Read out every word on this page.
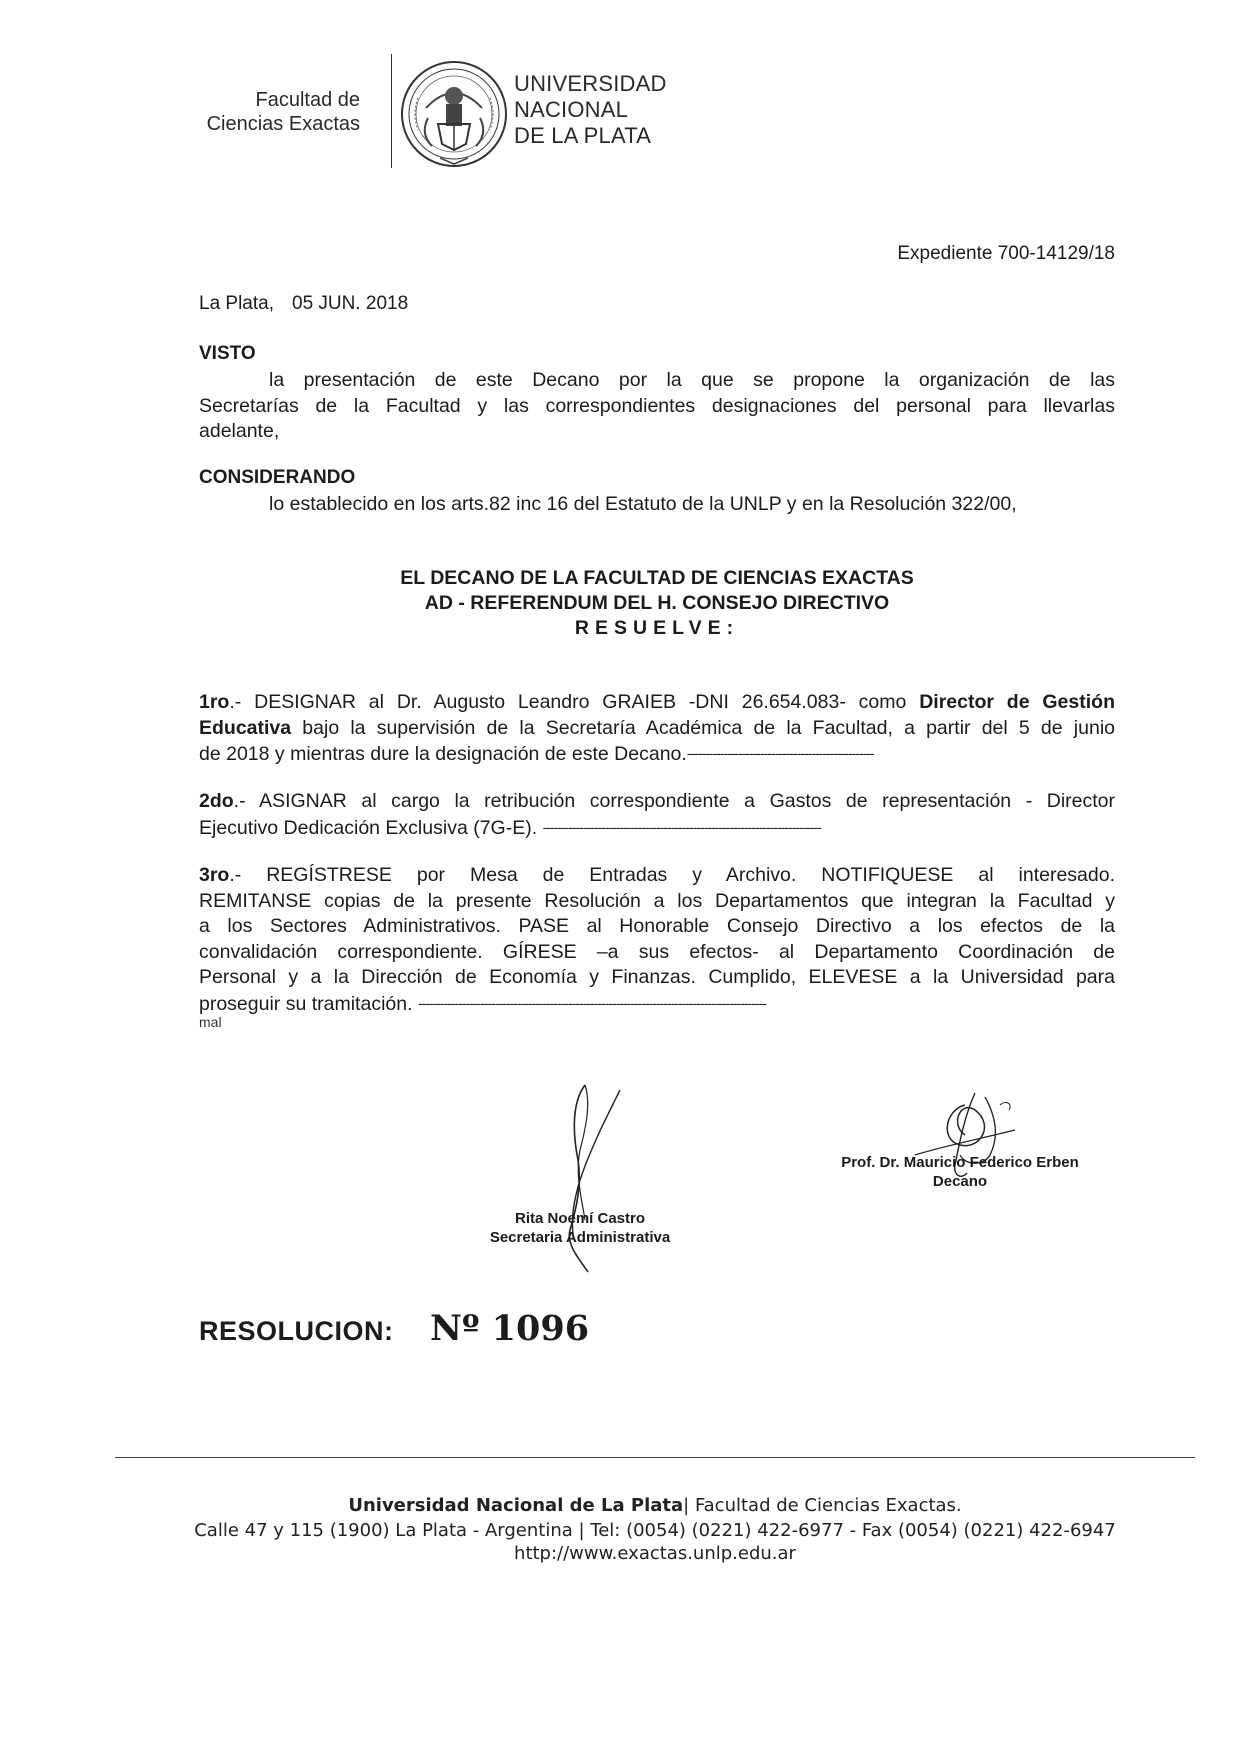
Facultad de
Ciencias Exactas
UNIVERSIDAD
NACIONAL
DE LA PLATA
Expediente 700-14129/18
La Plata, 05 JUN. 2018
VISTO
la presentación de este Decano por la que se propone la organización de las
Secretarías de la Facultad y las correspondientes designaciones del personal para llevarlas
adelante,
CONSIDERANDO
lo establecido en los arts.82 inc 16 del Estatuto de la UNLP y en la Resolución 322/00,
EL DECANO DE LA FACULTAD DE CIENCIAS EXACTAS
AD - REFERENDUM DEL H. CONSEJO DIRECTIVO
RESUELVE:
1ro.- DESIGNAR al Dr. Augusto Leandro GRAIEB -DNI 26.654.083- como Director de Gestión
Educativa bajo la supervisión de la Secretaría Académica de la Facultad, a partir del 5 de junio
de 2018 y mientras dure la designación de este Decano.---------------------------------------------------
2do.- ASIGNAR al cargo la retribución correspondiente a Gastos de representación - Director
Ejecutivo Dedicación Exclusiva (7G-E). ----------------------------------------------------------------------------
3ro.- REGÍSTRESE por Mesa de Entradas y Archivo. NOTIFIQUESE al interesado.
REMITANSE copias de la presente Resolución a los Departamentos que integran la Facultad y
a los Sectores Administrativos. PASE al Honorable Consejo Directivo a los efectos de la
convalidación correspondiente. GÍRESE –a sus efectos- al Departamento Coordinación de
Personal y a la Dirección de Economía y Finanzas. Cumplido, ELEVESE a la Universidad para
proseguir su tramitación. -----------------------------------------------------------------------------------------------
mal
Prof. Dr. Mauricio Federico Erben
Decano
Rita Noemí Castro
Secretaria Administrativa
RESOLUCION: Nº 1096
Universidad Nacional de La Plata| Facultad de Ciencias Exactas.
Calle 47 y 115 (1900) La Plata - Argentina | Tel: (0054) (0221) 422-6977 - Fax (0054) (0221) 422-6947
http://www.exactas.unlp.edu.ar
